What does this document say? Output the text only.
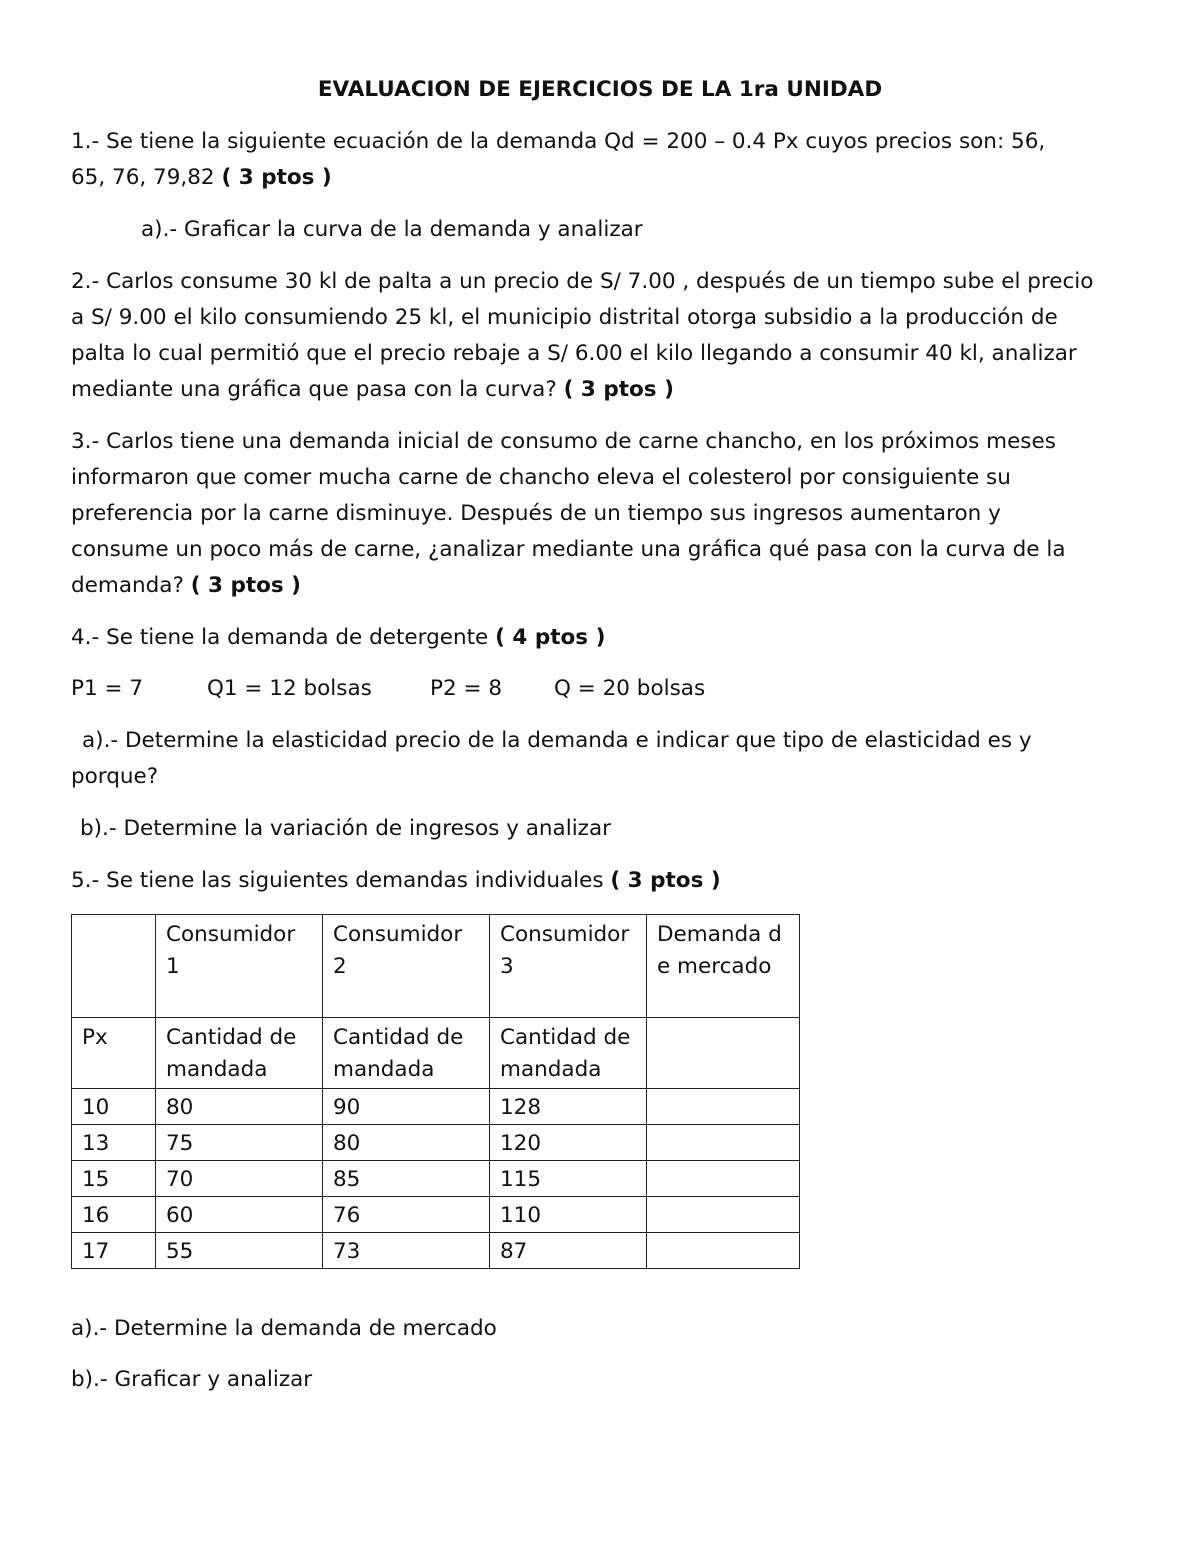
EVALUACION DE EJERCICIOS DE LA 1ra UNIDAD
1.- Se tiene la siguiente ecuación de la demanda Qd = 200 – 0.4 Px cuyos precios son: 56,
65, 76, 79,82 ( 3 ptos )
a).- Graficar la curva de la demanda y analizar
2.- Carlos consume 30 kl de palta a un precio de S/ 7.00 , después de un tiempo sube el precio
a S/ 9.00 el kilo consumiendo 25 kl, el municipio distrital otorga subsidio a la producción de
palta lo cual permitió que el precio rebaje a S/ 6.00 el kilo llegando a consumir 40 kl, analizar
mediante una gráfica que pasa con la curva? ( 3 ptos )
3.- Carlos tiene una demanda inicial de consumo de carne chancho, en los próximos meses
informaron que comer mucha carne de chancho eleva el colesterol por consiguiente su
preferencia por la carne disminuye. Después de un tiempo sus ingresos aumentaron y
consume un poco más de carne, ¿analizar mediante una gráfica qué pasa con la curva de la
demanda? ( 3 ptos )
4.- Se tiene la demanda de detergente ( 4 ptos )
P1 = 7	Q1 = 12 bolsas	P2 = 8 Q = 20 bolsas
a).- Determine la elasticidad precio de la demanda e indicar que tipo de elasticidad es y
porque?
b).- Determine la variación de ingresos y analizar
5.- Se tiene las siguientes demandas individuales ( 3 ptos )
	Consumidor 1	Consumidor 2	Consumidor 3	Demanda de mercado
Px	Cantidad demandada	Cantidad demandada	Cantidad demandada	
10	80	90	128	
13	75	80	120	
15	70	85	115	
16	60	76	110	
17	55	73	87	
a).- Determine la demanda de mercado
b).- Graficar y analizar
